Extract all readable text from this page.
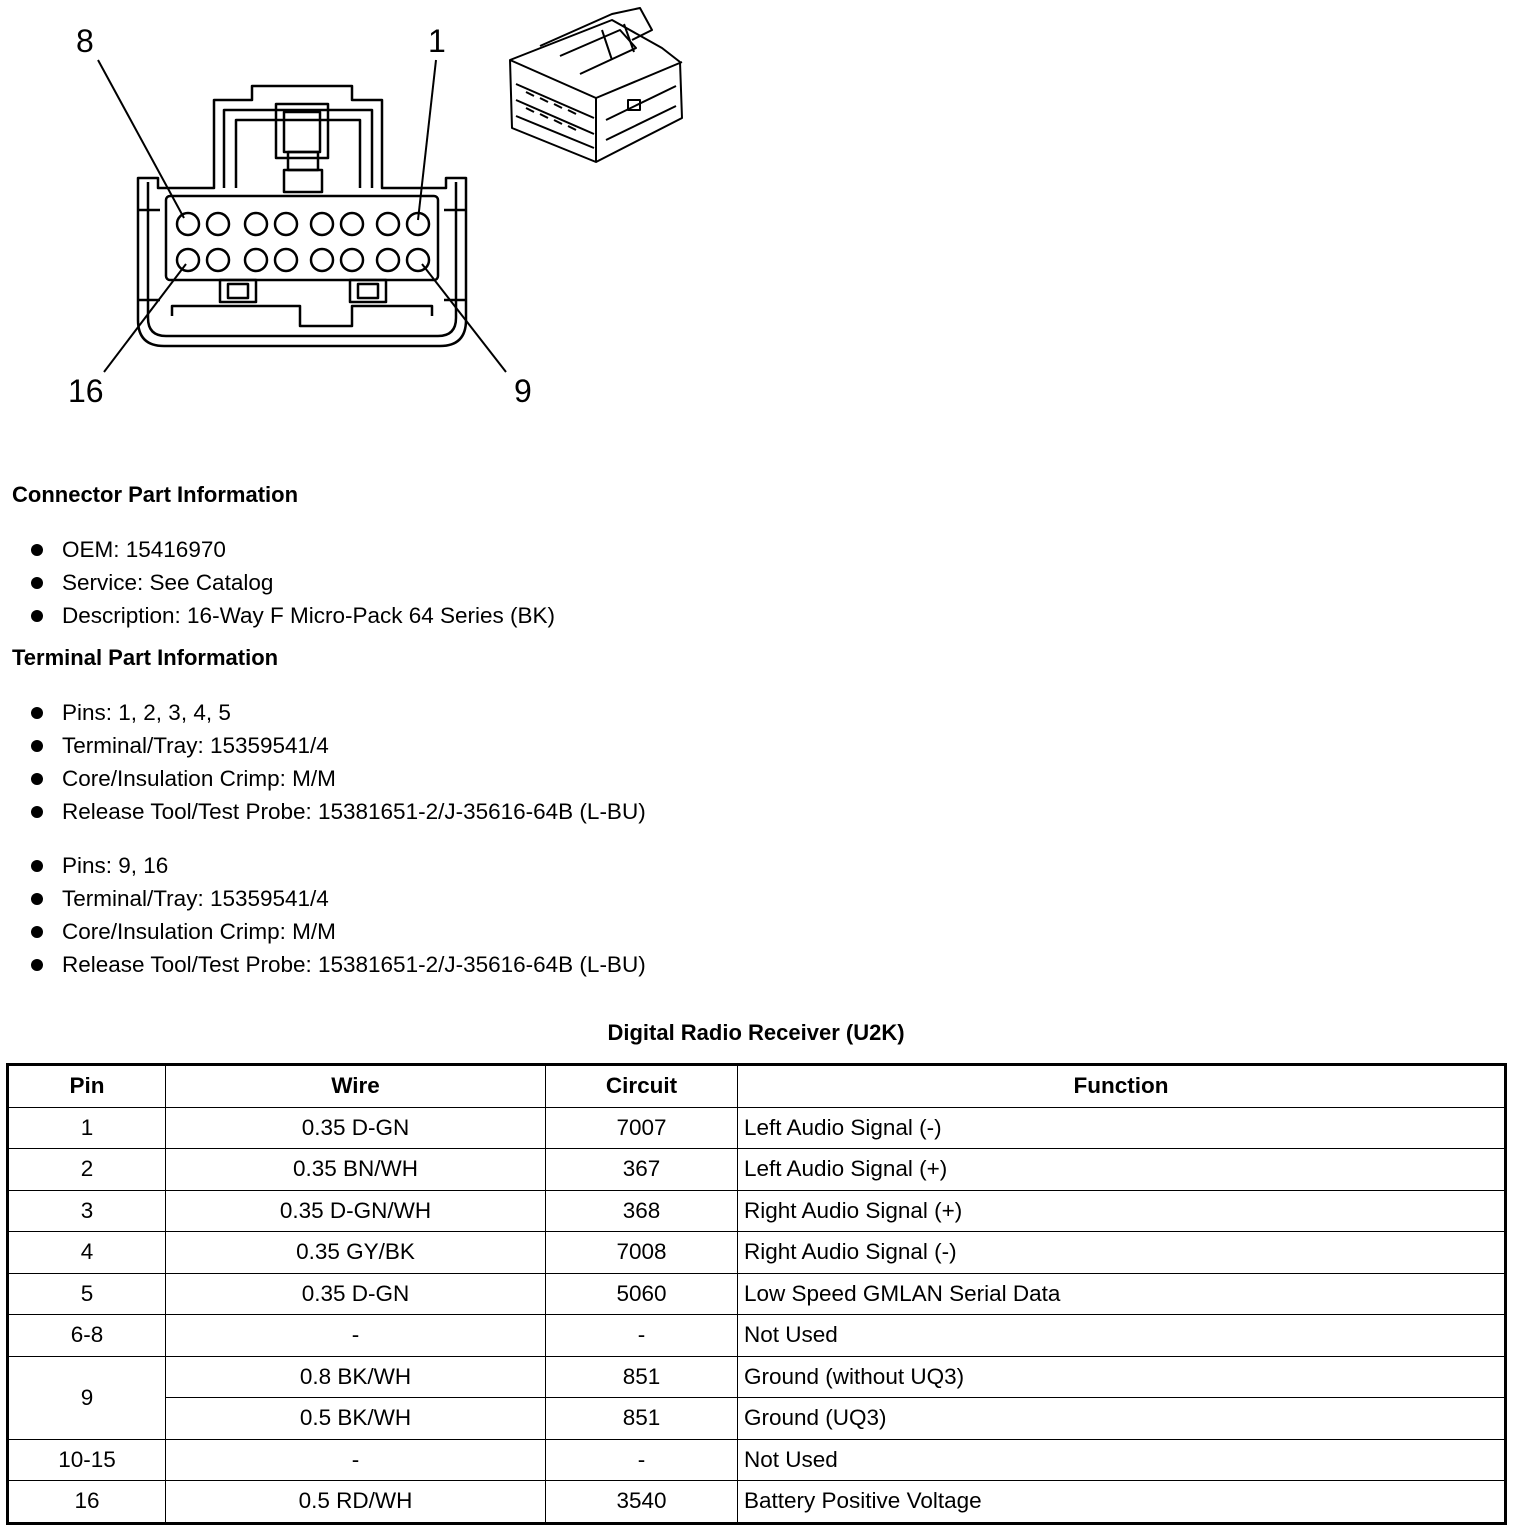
8	1
16	9
Connector Part Information
OEM: 15416970
Service: See Catalog
Description: 16-Way F Micro-Pack 64 Series (BK)
Terminal Part Information
Pins: 1, 2, 3, 4, 5
Terminal/Tray: 15359541/4
Core/Insulation Crimp: M/M
Release Tool/Test Probe: 15381651-2/J-35616-64B (L-BU)
Pins: 9, 16
Terminal/Tray: 15359541/4
Core/Insulation Crimp: M/M
Release Tool/Test Probe: 15381651-2/J-35616-64B (L-BU)
Digital Radio Receiver (U2K)
Pin	Wire	Circuit	Function
1	0.35 D-GN	7007	Left Audio Signal (-)
2	0.35 BN/WH	367	Left Audio Signal (+)
3	0.35 D-GN/WH	368	Right Audio Signal (+)
4	0.35 GY/BK	7008	Right Audio Signal (-)
5	0.35 D-GN	5060	Low Speed GMLAN Serial Data
6-8	-	-	Not Used
9	0.8 BK/WH	851	Ground (without UQ3)
	0.5 BK/WH	851	Ground (UQ3)
10-15	-	-	Not Used
16	0.5 RD/WH	3540	Battery Positive Voltage
